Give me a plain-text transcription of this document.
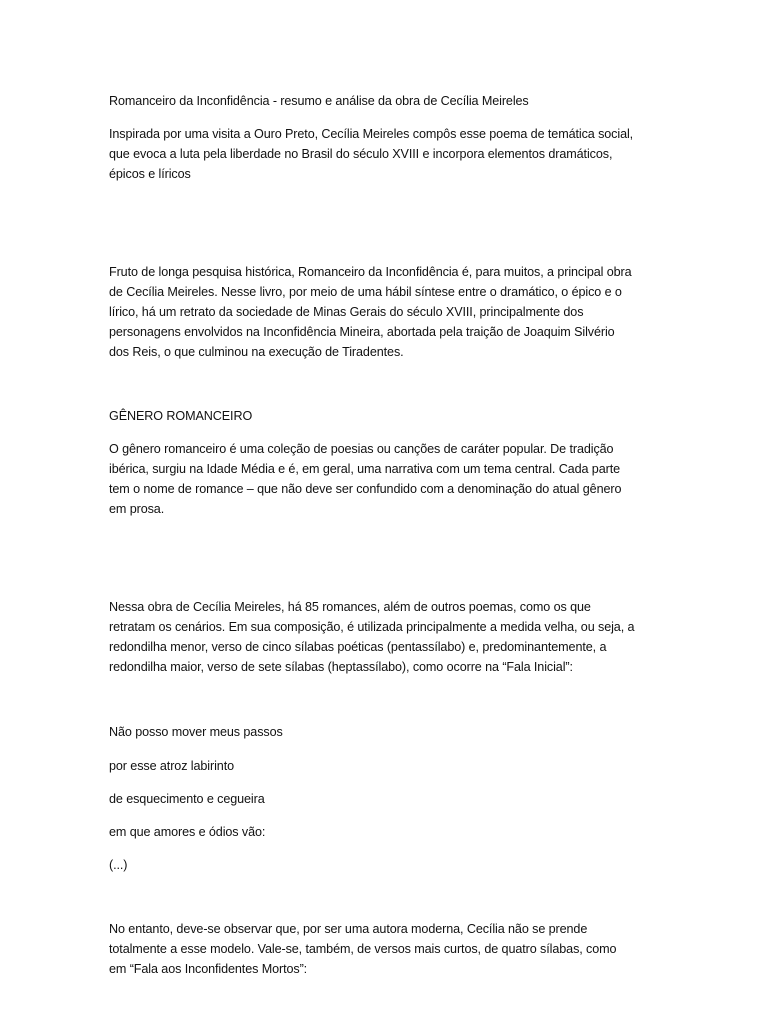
Romanceiro da Inconfidência - resumo e análise da obra de Cecília Meireles
Inspirada por uma visita a Ouro Preto, Cecília Meireles compôs esse poema de temática social,
que evoca a luta pela liberdade no Brasil do século XVIII e incorpora elementos dramáticos,
épicos e líricos
Fruto de longa pesquisa histórica, Romanceiro da Inconfidência é, para muitos, a principal obra
de Cecília Meireles. Nesse livro, por meio de uma hábil síntese entre o dramático, o épico e o
lírico, há um retrato da sociedade de Minas Gerais do século XVIII, principalmente dos
personagens envolvidos na Inconfidência Mineira, abortada pela traição de Joaquim Silvério
dos Reis, o que culminou na execução de Tiradentes.
GÊNERO ROMANCEIRO
O gênero romanceiro é uma coleção de poesias ou canções de caráter popular. De tradição
ibérica, surgiu na Idade Média e é, em geral, uma narrativa com um tema central. Cada parte
tem o nome de romance – que não deve ser confundido com a denominação do atual gênero
em prosa.
Nessa obra de Cecília Meireles, há 85 romances, além de outros poemas, como os que
retratam os cenários. Em sua composição, é utilizada principalmente a medida velha, ou seja, a
redondilha menor, verso de cinco sílabas poéticas (pentassílabo) e, predominantemente, a
redondilha maior, verso de sete sílabas (heptassílabo), como ocorre na “Fala Inicial”:
Não posso mover meus passos
por esse atroz labirinto
de esquecimento e cegueira
em que amores e ódios vão:
(...)
No entanto, deve-se observar que, por ser uma autora moderna, Cecília não se prende
totalmente a esse modelo. Vale-se, também, de versos mais curtos, de quatro sílabas, como
em “Fala aos Inconfidentes Mortos”:
